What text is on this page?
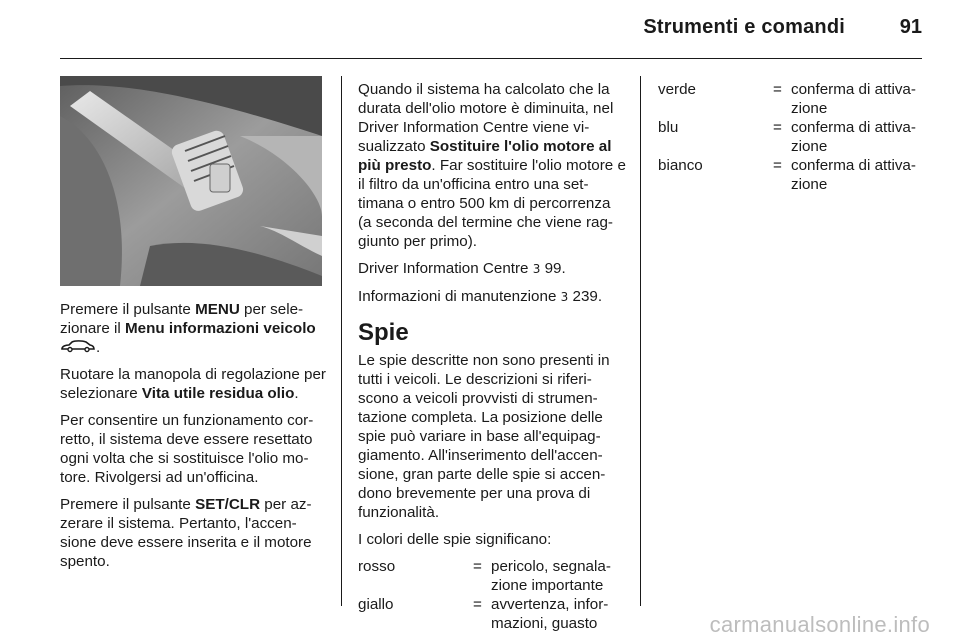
Strumenti e comandi	91

Premere il pulsante MENU per sele-zionare il Menu informazioni veicolo
.

Ruotare la manopola di regolazione per selezionare Vita utile residua olio.

Per consentire un funzionamento cor-retto, il sistema deve essere resettato ogni volta che si sostituisce l'olio mo-tore. Rivolgersi ad un'officina.

Premere il pulsante SET/CLR per az-zerare il sistema. Pertanto, l'accen-sione deve essere inserita e il motore spento.

Quando il sistema ha calcolato che la durata dell'olio motore è diminuita, nel Driver Information Centre viene vi-sualizzato Sostituire l'olio motore al più presto. Far sostituire l'olio motore e il filtro da un'officina entro una set-timana o entro 500 km di percorrenza (a seconda del termine che viene rag-giunto per primo).

Driver Information Centre 3 99.

Informazioni di manutenzione 3 239.

Spie

Le spie descritte non sono presenti in tutti i veicoli. Le descrizioni si riferi-scono a veicoli provvisti di strumen-tazione completa. La posizione delle spie può variare in base all'equipag-giamento. All'inserimento dell'accen-sione, gran parte delle spie si accen-dono brevemente per una prova di funzionalità.

I colori delle spie significano:

rosso	= pericolo, segnala-zione importante
giallo	= avvertenza, infor-mazioni, guasto
verde	= conferma di attiva-zione
blu	= conferma di attiva-zione
bianco	= conferma di attiva-zione
carmanualsonline.info
